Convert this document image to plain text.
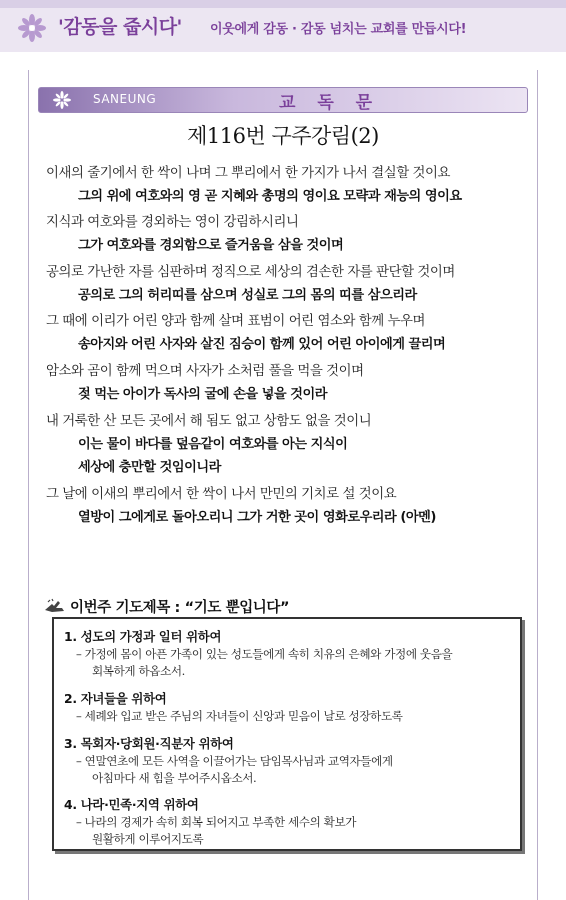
'감동을 줍시다' 이웃에게 감동 · 감동 넘치는 교회를 만듭시다!
SANEUNG	교 독 문
제116번 구주강림(2)
이새의 줄기에서 한 싹이 나며 그 뿌리에서 한 가지가 나서 결실할 것이요
그의 위에 여호와의 영 곧 지혜와 총명의 영이요 모략과 재능의 영이요
지식과 여호와를 경외하는 영이 강림하시리니
그가 여호와를 경외함으로 즐거움을 삼을 것이며
공의로 가난한 자를 심판하며 정직으로 세상의 겸손한 자를 판단할 것이며
공의로 그의 허리띠를 삼으며 성실로 그의 몸의 띠를 삼으리라
그 때에 이리가 어린 양과 함께 살며 표범이 어린 염소와 함께 누우며
송아지와 어린 사자와 살진 짐승이 함께 있어 어린 아이에게 끌리며
암소와 곰이 함께 먹으며 사자가 소처럼 풀을 먹을 것이며
젖 먹는 아이가 독사의 굴에 손을 넣을 것이라
내 거룩한 산 모든 곳에서 해 됨도 없고 상함도 없을 것이니
이는 물이 바다를 덮음같이 여호와를 아는 지식이
세상에 충만할 것임이니라
그 날에 이새의 뿌리에서 한 싹이 나서 만민의 기치로 설 것이요
열방이 그에게로 돌아오리니 그가 거한 곳이 영화로우리라 (아멘)
이번주 기도제목 : “기도 뿐입니다”
1. 성도의 가정과 일터 위하여
– 가정에 몸이 아픈 가족이 있는 성도들에게 속히 치유의 은혜와 가정에 웃음을
회복하게 하옵소서.
2. 자녀들을 위하여
– 세례와 입교 받은 주님의 자녀들이 신앙과 믿음이 날로 성장하도록
3. 목회자·당회원·직분자 위하여
– 연말연초에 모든 사역을 이끌어가는 담임목사님과 교역자들에게
아침마다 새 힘을 부어주시옵소서.
4. 나라·민족·지역 위하여
– 나라의 경제가 속히 회복 되어지고 부족한 세수의 확보가
원활하게 이루어지도록
